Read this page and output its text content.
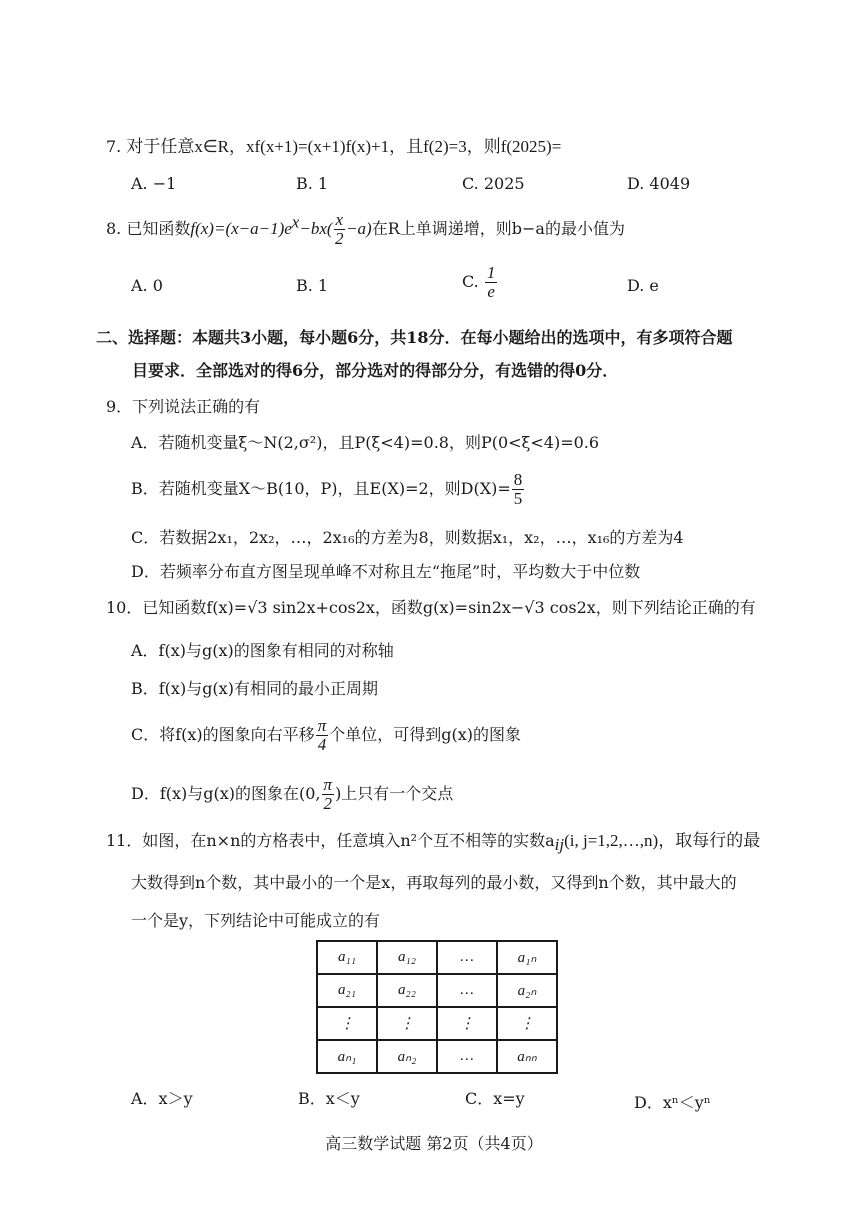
7. 对于任意x∈R，xf(x+1)=(x+1)f(x)+1，且f(2)=3，则f(2025)=
A. −1	B. 1	C. 2025	D. 4049
8. 已知函数$f(x)=(x-a-1)e^x-bx( \frac{x}{2} -a)$在R上单调递增，则b−a的最小值为
A. 0	B. 1	C. $\frac{1}{e}$	D. e
二、选择题：本题共3小题，每小题6分，共18分．在每小题给出的选项中，有多项符合题
目要求．全部选对的得6分，部分选对的得部分分，有选错的得0分．
9．下列说法正确的有
A．若随机变量ξ～N(2,σ²)，且P(ξ<4)=0.8，则P(0<ξ<4)=0.6
B．若随机变量X～B(10，P)，且E(X)=2，则$D(X)= \frac{8}{5}$
C．若数据2x₁，2x₂，…，2x₁₆的方差为8，则数据x₁，x₂，…，x₁₆的方差为4
D．若频率分布直方图呈现单峰不对称且左“拖尾”时，平均数大于中位数
10．已知函数f(x)=√3 sin2x+cos2x，函数g(x)=sin2x−√3 cos2x，则下列结论正确的有
A．f(x)与g(x)的图象有相同的对称轴
B．f(x)与g(x)有相同的最小正周期
C．将f(x)的图象向右平移 $\frac{\pi}{4}$ 个单位，可得到g(x)的图象
D．f(x)与g(x)的图象在(0, $\frac{\pi}{2}$ )上只有一个交点
11．如图，在n×n的方格表中，任意填入n²个互不相等的实数$a_{ij}(i$, j=1,2,…,n)，取每行的最
大数得到n个数，其中最小的一个是x，再取每列的最小数，又得到n个数，其中最大的
一个是y，下列结论中可能成立的有
a₁₁	a₁₂	…	a₁ₙ
a₂₁	a₂₂	…	a₂ₙ
⋮	⋮	⋮	⋮
aₙ₁	aₙ₂	…	aₙₙ
A．x＞y	B．x＜y	C．x=y	D．xⁿ＜yⁿ
高三数学试题 第2页（共4页）
